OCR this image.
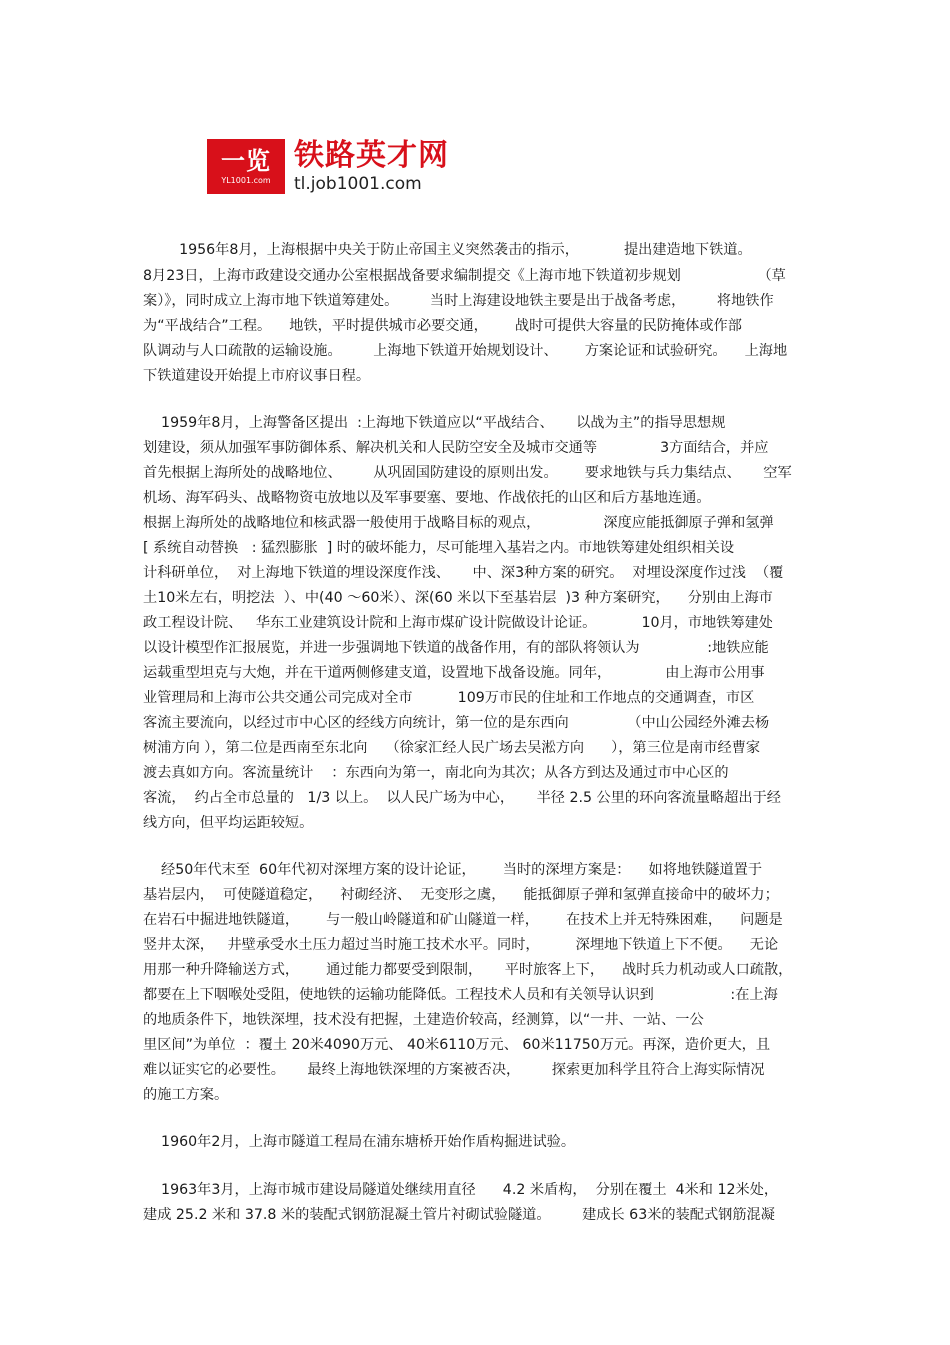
一览
YL1001.com
铁路英才网
tl.job1001.com
1956年8月，上海根据中央关于防止帝国主义突然袭击的指示，          提出建造地下铁道。
8月23日，上海市政建设交通办公室根据战备要求编制提交《上海市地下铁道初步规划                 （草
案）》，同时成立上海市地下铁道筹建处。       当时上海建设地铁主要是出于战备考虑，       将地铁作
为“平战结合”工程。    地铁，平时提供城市必要交通，      战时可提供大容量的民防掩体或作部
队调动与人口疏散的运输设施。       上海地下铁道开始规划设计、      方案论证和试验研究。    上海地
下铁道建设开始提上市府议事日程。
1959年8月，上海警备区提出  :上海地下铁道应以“平战结合、     以战为主”的指导思想规
划建设，须从加强军事防御体系、解决机关和人民防空安全及城市交通等              3方面结合，并应
首先根据上海所处的战略地位、       从巩固国防建设的原则出发。      要求地铁与兵力集结点、     空军
机场、海军码头、战略物资屯放地以及军事要塞、要地、作战依托的山区和后方基地连通。
根据上海所处的战略地位和核武器一般使用于战略目标的观点，              深度应能抵御原子弹和氢弹
[ 系统自动替换   : 猛烈膨胀  ] 时的破坏能力，尽可能埋入基岩之内。市地铁筹建处组织相关设
计科研单位，  对上海地下铁道的埋设深度作浅、     中、深3种方案的研究。  对埋设深度作过浅  （覆
土10米左右，明挖法  ）、中(40 ～60米）、深(60 米以下至基岩层  )3 种方案研究，    分别由上海市
政工程设计院、   华东工业建筑设计院和上海市煤矿设计院做设计论证。          10月，市地铁筹建处
以设计模型作汇报展览，并进一步强调地下铁道的战备作用，有的部队将领认为               :地铁应能
运载重型坦克与大炮，并在干道两侧修建支道，设置地下战备设施。同年，            由上海市公用事
业管理局和上海市公共交通公司完成对全市          109万市民的住址和工作地点的交通调查，市区
客流主要流向，以经过市中心区的经线方向统计，第一位的是东西向             （中山公园经外滩去杨
树浦方向 ），第二位是西南至东北向    （徐家汇经人民广场去吴淞方向      ），第三位是南市经曹家
渡去真如方向。客流量统计    ：东西向为第一，南北向为其次；从各方到达及通过市中心区的
客流，  约占全市总量的   1/3 以上。  以人民广场为中心，     半径 2.5 公里的环向客流量略超出于经
线方向，但平均运距较短。
经50年代末至  60年代初对深埋方案的设计论证，      当时的深埋方案是：    如将地铁隧道置于
基岩层内，  可使隧道稳定，    衬砌经济、  无变形之虞，    能抵御原子弹和氢弹直接命中的破坏力；
在岩石中掘进地铁隧道，      与一般山岭隧道和矿山隧道一样，      在技术上并无特殊困难，    问题是
竖井太深，   井壁承受水土压力超过当时施工技术水平。同时，        深埋地下铁道上下不便。    无论
用那一种升降输送方式，      通过能力都要受到限制，     平时旅客上下，    战时兵力机动或人口疏散，
都要在上下咽喉处受阻，使地铁的运输功能降低。工程技术人员和有关领导认识到                 :在上海
的地质条件下，地铁深埋，技术没有把握，土建造价较高，经测算，以“一井、一站、一公
里区间”为单位  ：覆土 20米4090万元、 40米6110万元、 60米11750万元。再深，造价更大，且
难以证实它的必要性。     最终上海地铁深埋的方案被否决，       探索更加科学且符合上海实际情况
的施工方案。
1960年2月，上海市隧道工程局在浦东塘桥开始作盾构掘进试验。
1963年3月，上海市城市建设局隧道处继续用直径      4.2 米盾构，  分别在覆土  4米和 12米处，
建成 25.2 米和 37.8 米的装配式钢筋混凝土管片衬砌试验隧道。       建成长 63米的装配式钢筋混凝
